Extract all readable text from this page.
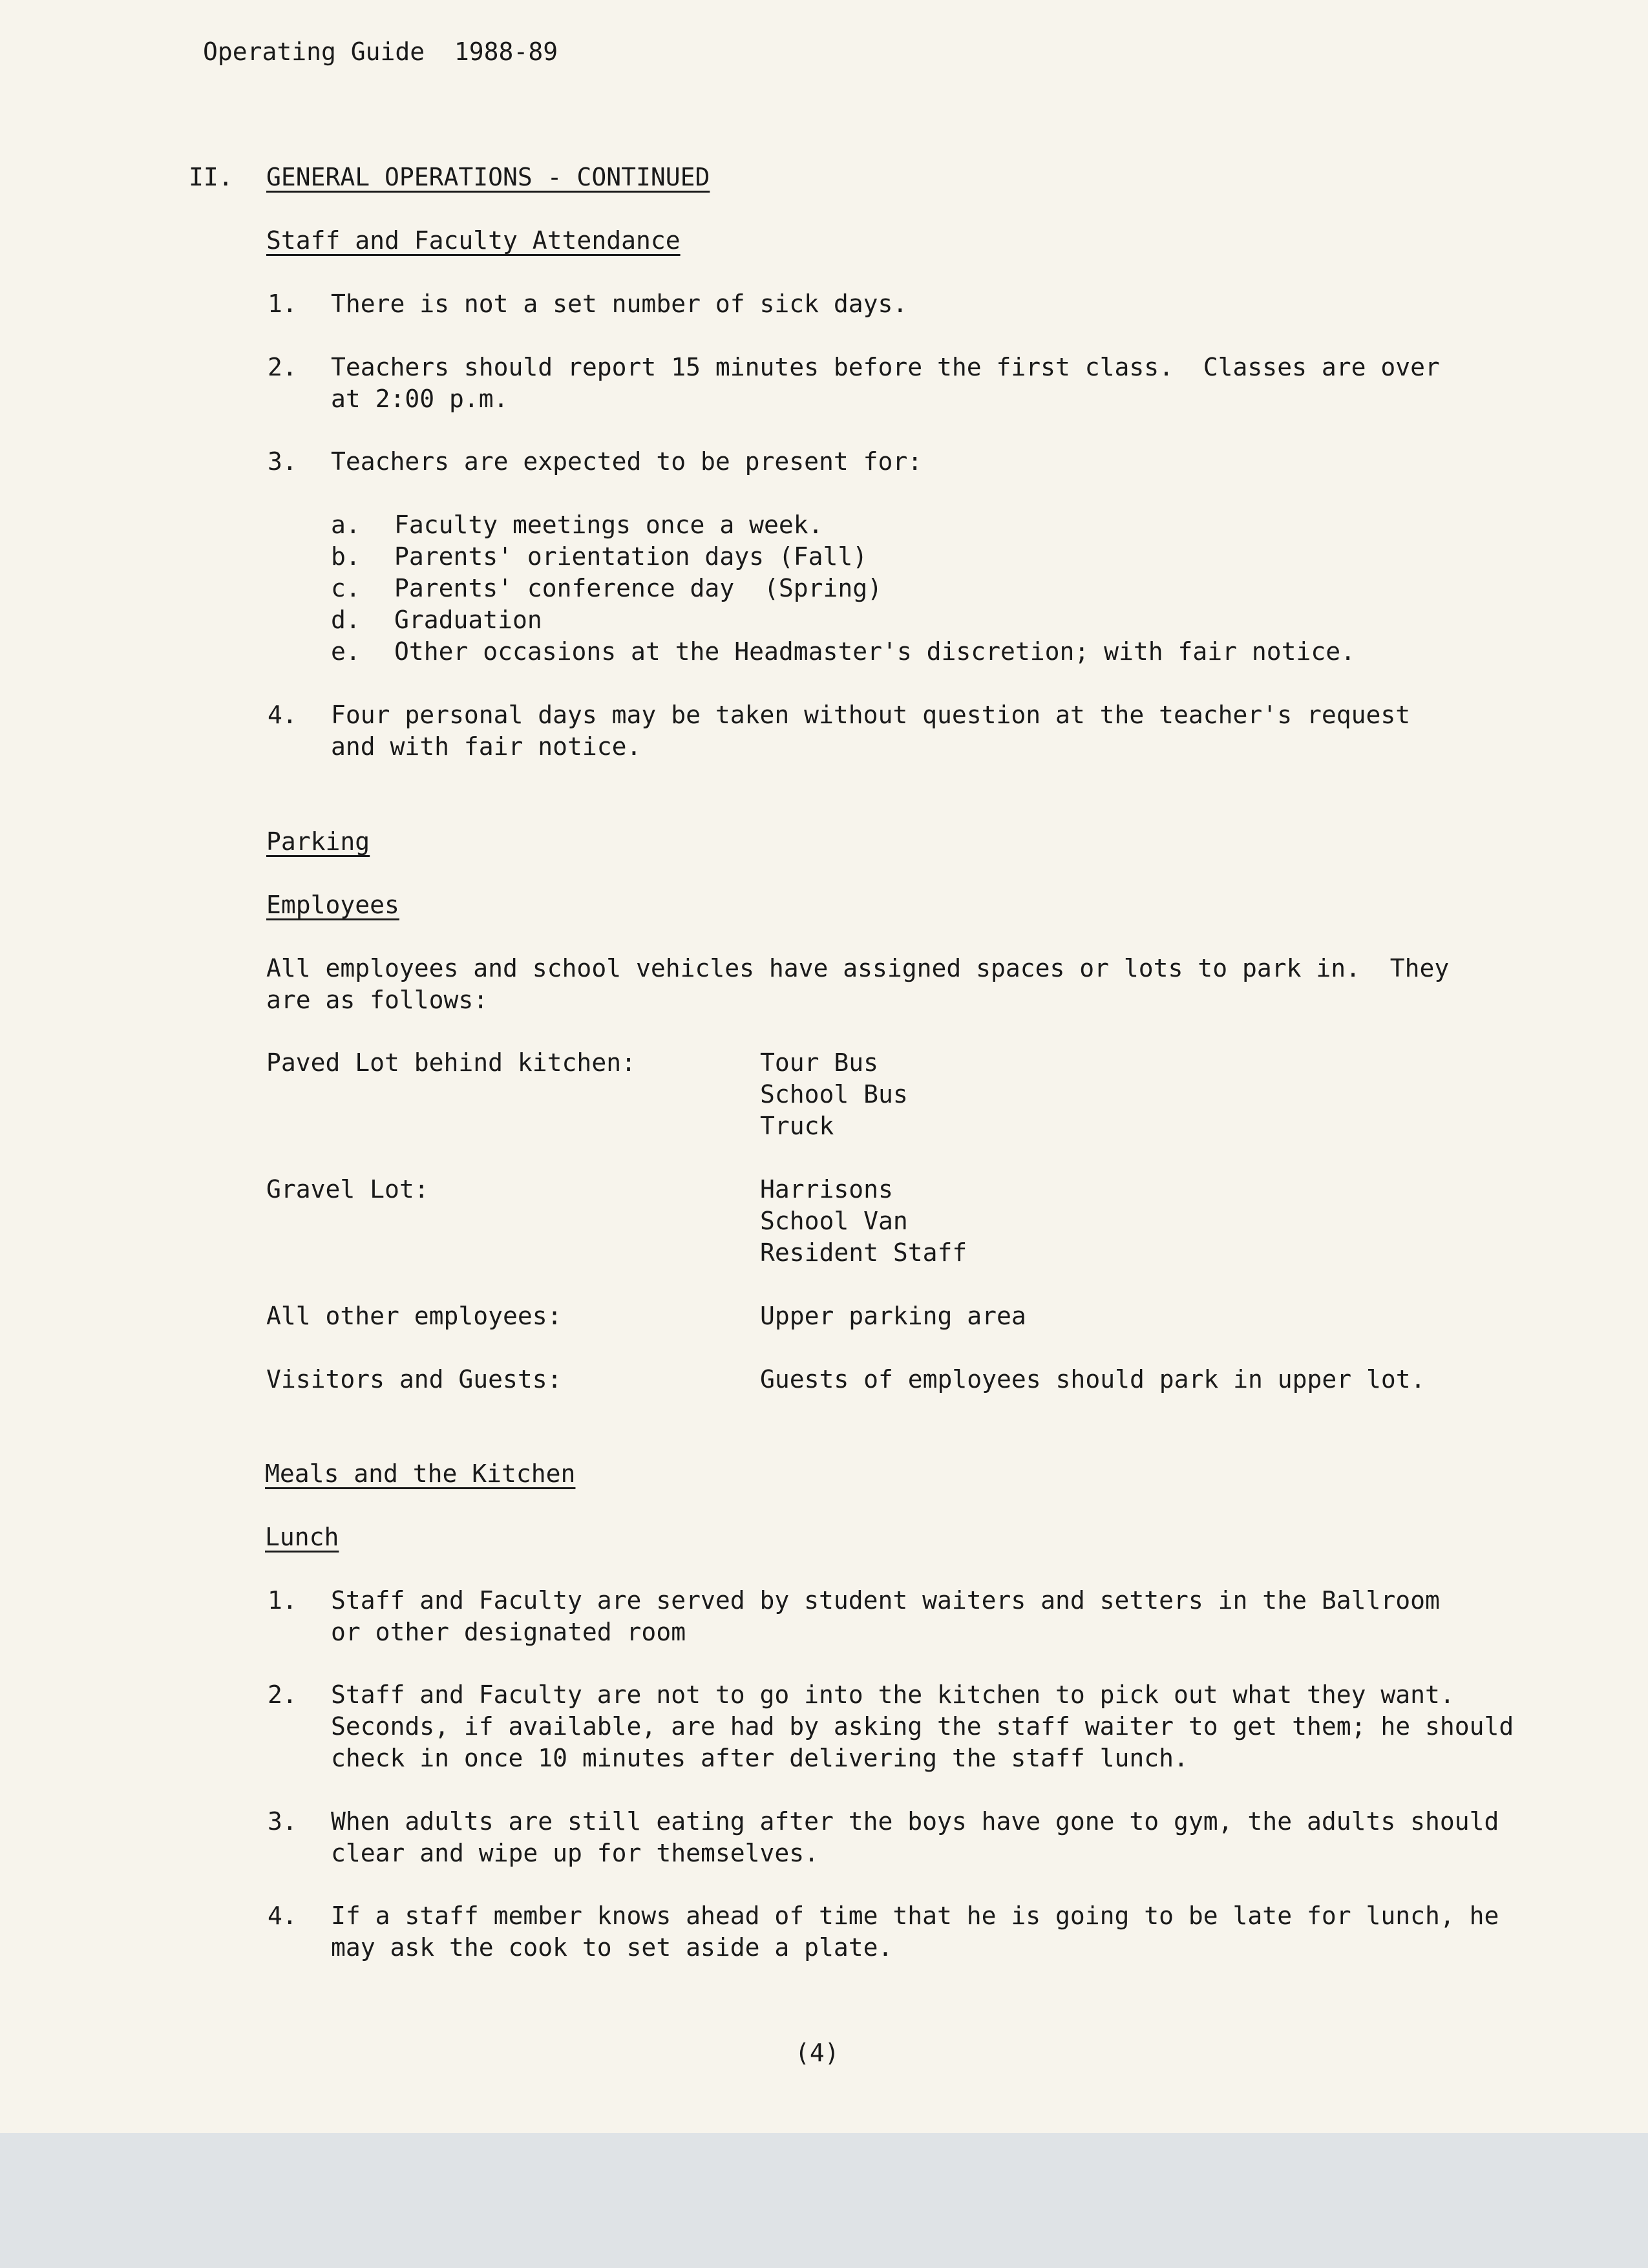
Operating Guide  1988-89

II. GENERAL OPERATIONS - CONTINUED

Staff and Faculty Attendance

1. There is not a set number of sick days.

2. Teachers should report 15 minutes before the first class.  Classes are over

at 2:00 p.m.

3. Teachers are expected to be present for:

a. Faculty meetings once a week.

b. Parents' orientation days (Fall)

c. Parents' conference day  (Spring)

d. Graduation

e. Other occasions at the Headmaster's discretion; with fair notice.

4. Four personal days may be taken without question at the teacher's request

and with fair notice.

Parking

Employees

All employees and school vehicles have assigned spaces or lots to park in.  They

are as follows:

Paved Lot behind kitchen:	Tour Bus

School Bus

Truck

Gravel Lot:	Harrisons

School Van

Resident Staff

All other employees:	Upper parking area

Visitors and Guests:	Guests of employees should park in upper lot.

Meals and the Kitchen

Lunch

1. Staff and Faculty are served by student waiters and setters in the Ballroom

or other designated room

2. Staff and Faculty are not to go into the kitchen to pick out what they want.

Seconds, if available, are had by asking the staff waiter to get them; he should

check in once 10 minutes after delivering the staff lunch.

3. When adults are still eating after the boys have gone to gym, the adults should

clear and wipe up for themselves.

4. If a staff member knows ahead of time that he is going to be late for lunch, he

may ask the cook to set aside a plate.

(4)
